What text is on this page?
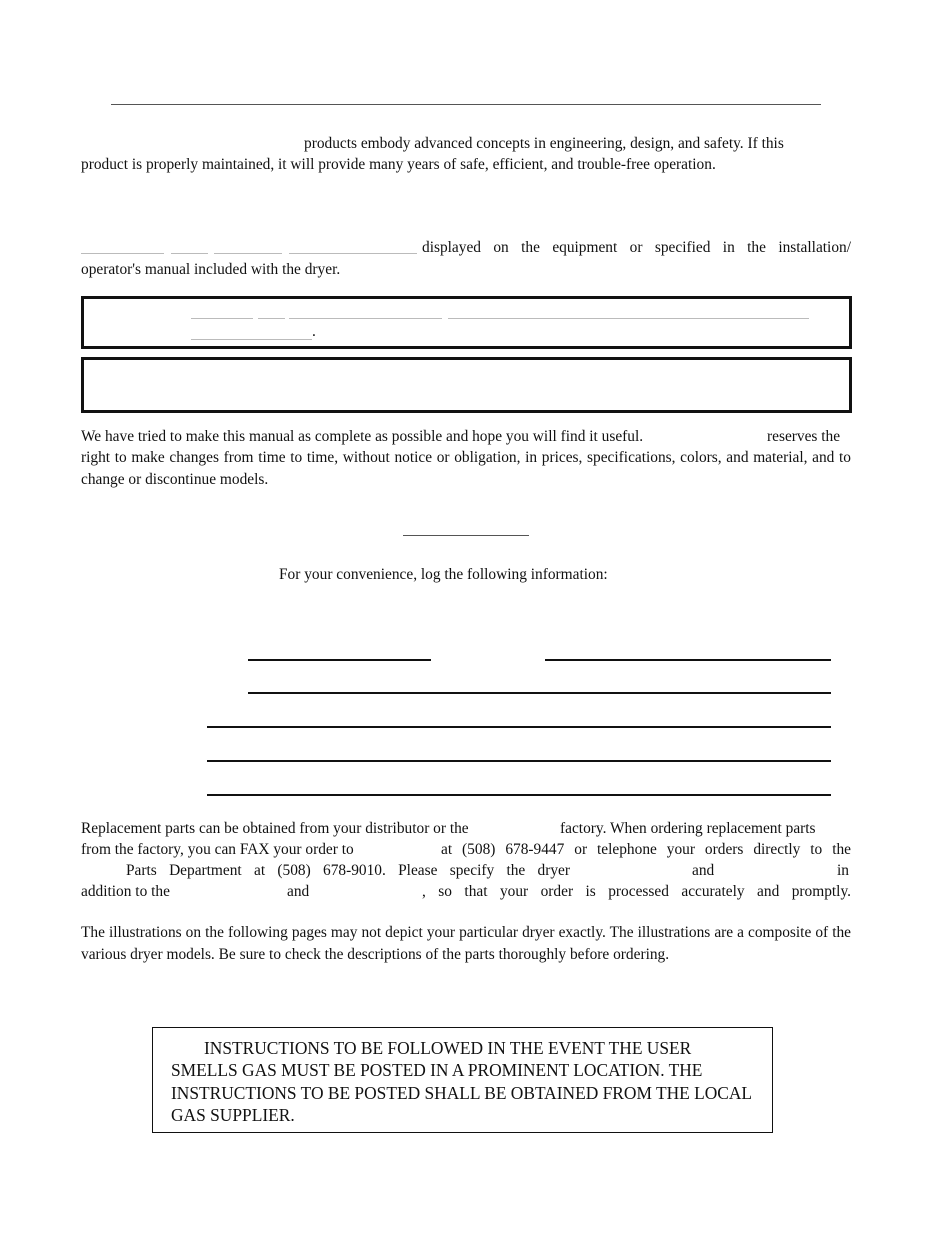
products embody advanced concepts in engineering, design, and safety. If this
product is properly maintained, it will provide many years of safe, efficient, and trouble-free operation.
displayed on the equipment or specified in the installation/
operator's manual included with the dryer.
.
We have tried to make this manual as complete as possible and hope you will find it useful.	reserves the
right to make changes from time to time, without notice or obligation, in prices, specifications, colors, and material, and to change or discontinue models.
For your convenience, log the following information:
Replacement parts can be obtained from your distributor or the	factory. When ordering replacement parts
from the factory, you can FAX your order to	at (508) 678-9447 or telephone your orders directly to the
Parts Department at (508) 678-9010. Please specify the dryer	and	in
addition to the	and	, so that your order is processed accurately and promptly.
The illustrations on the following pages may not depict your particular dryer exactly. The illustrations are a composite of the various dryer models. Be sure to check the descriptions of the parts thoroughly before ordering.
INSTRUCTIONS TO BE FOLLOWED IN THE EVENT THE USER SMELLS GAS MUST BE POSTED IN A PROMINENT LOCATION. THE INSTRUCTIONS TO BE POSTED SHALL BE OBTAINED FROM THE LOCAL GAS SUPPLIER.
